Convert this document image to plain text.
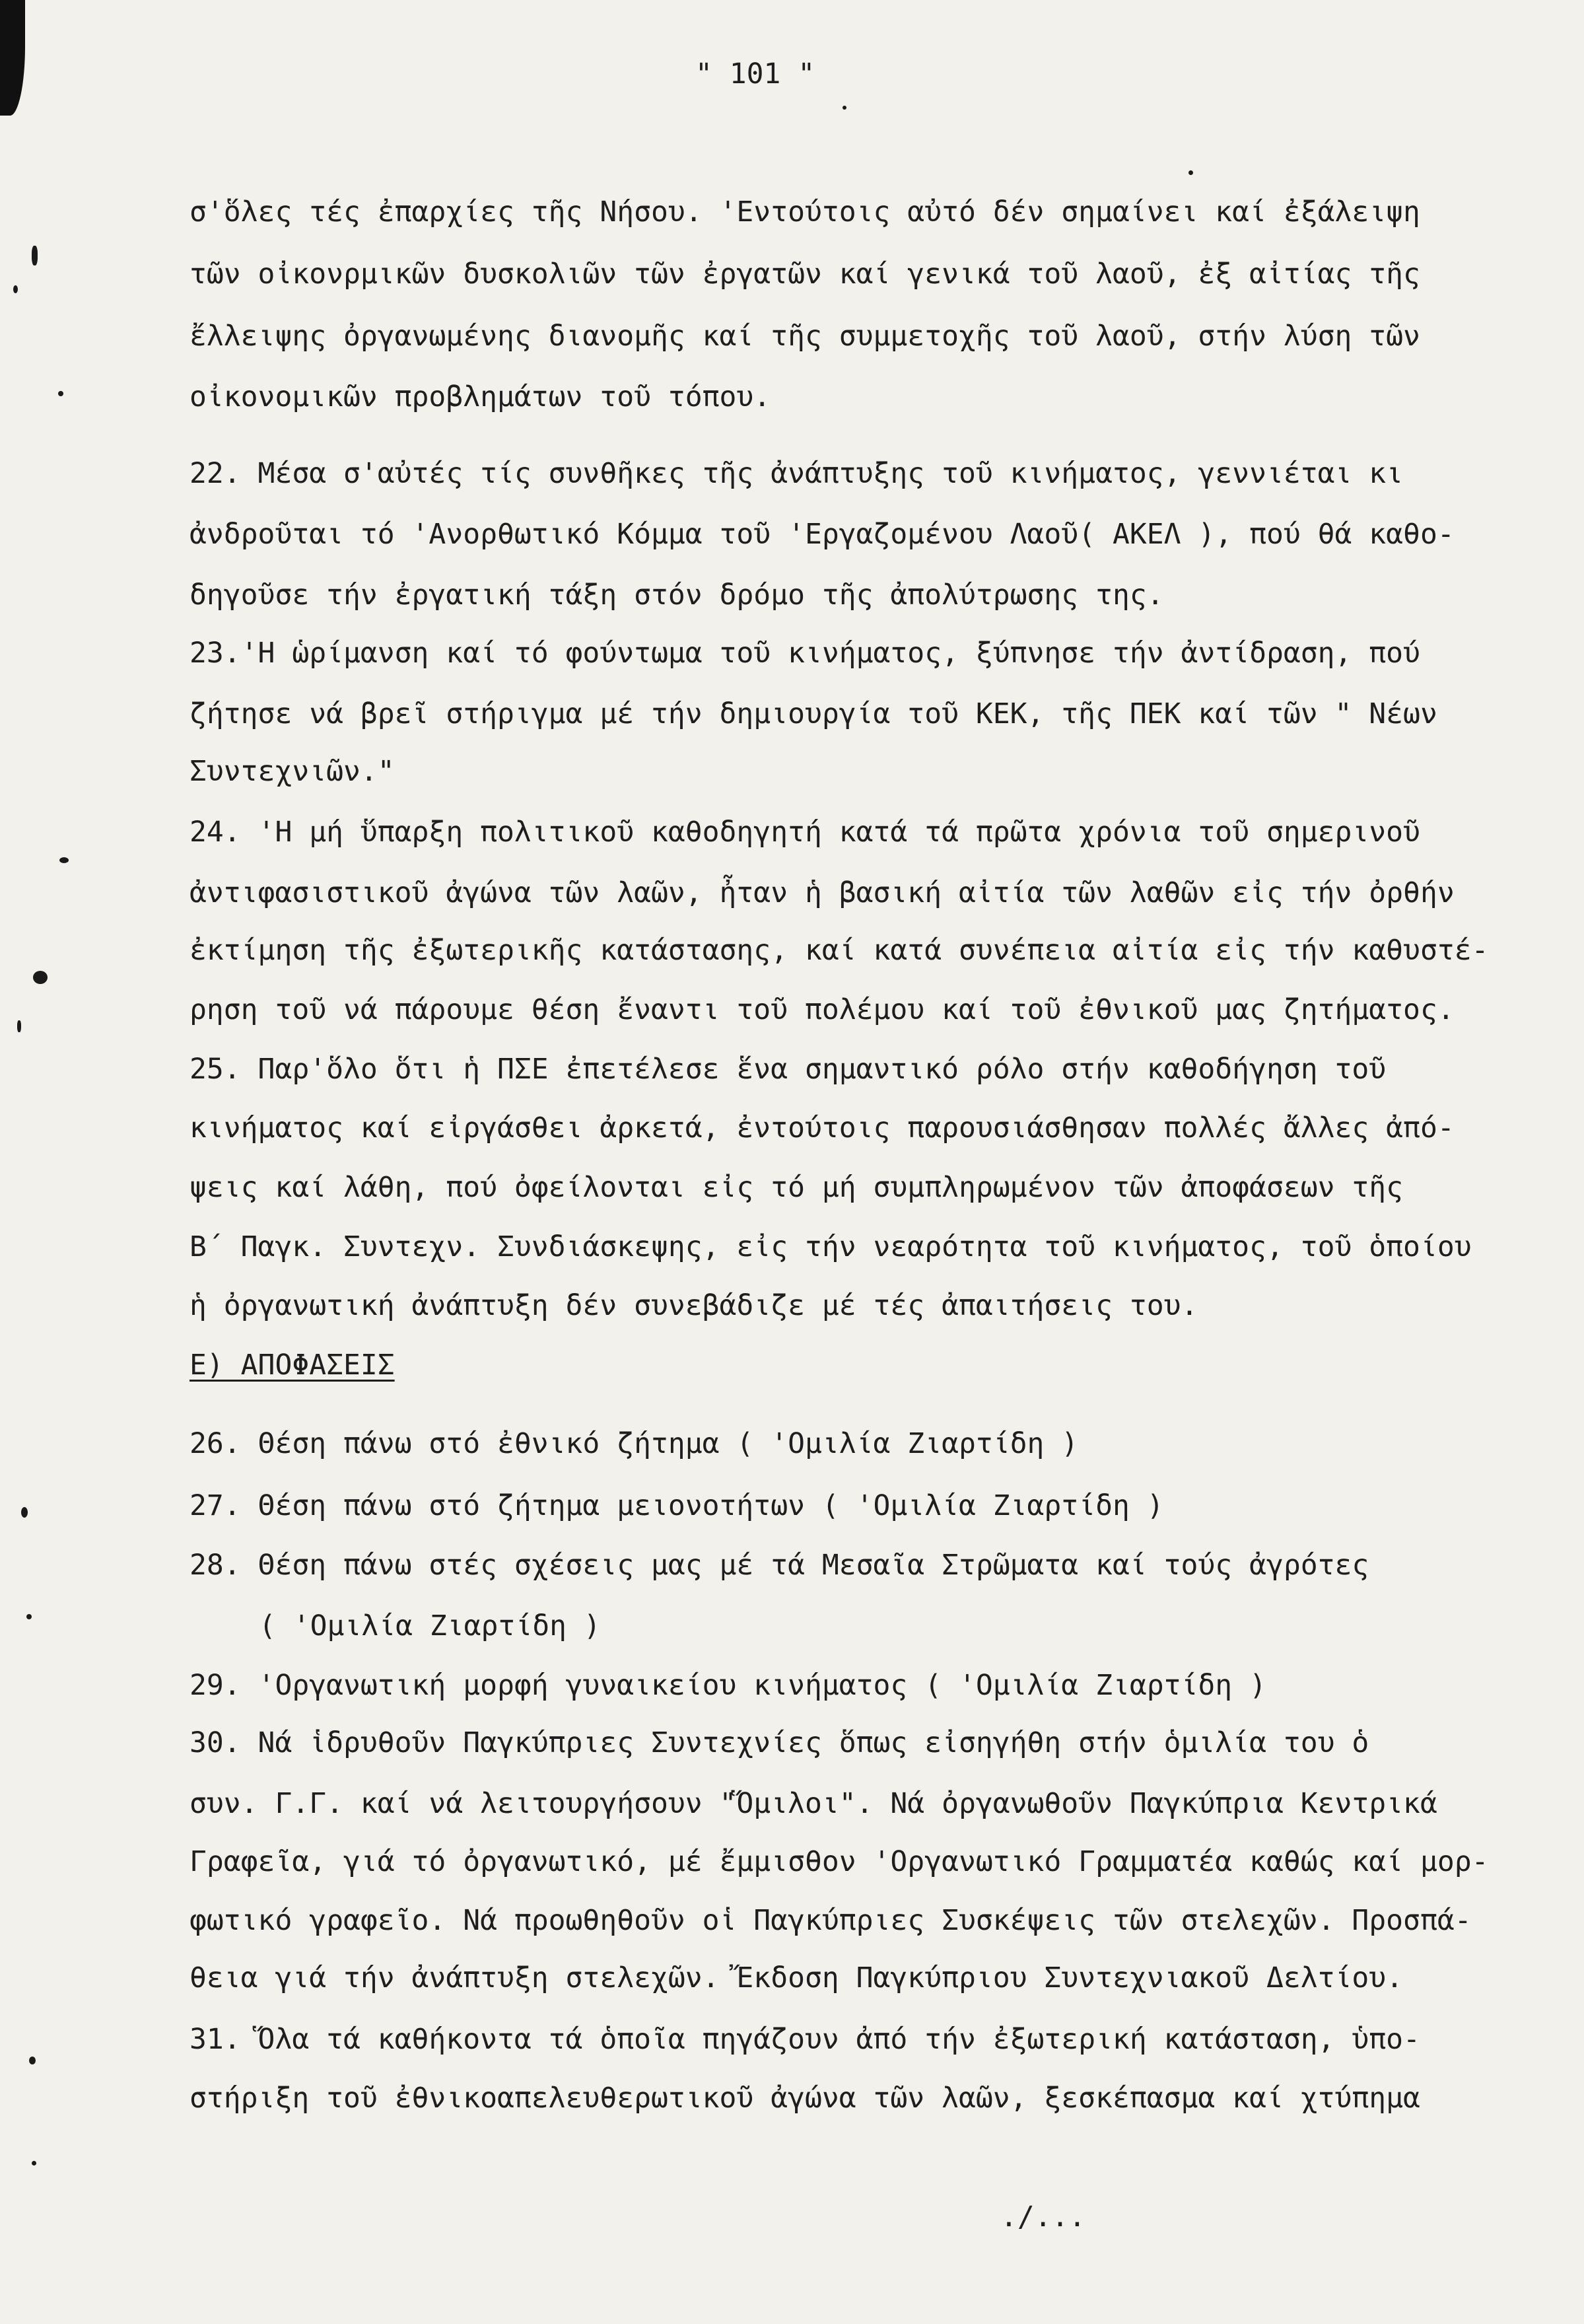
" 101 "
σ'ὅλες τές ἐπαρχίες τῆς Νήσου. 'Εντούτοις αὐτό δέν σημαίνει καί ἐξάλειψη
τῶν οἰκονρμικῶν δυσκολιῶν τῶν ἐργατῶν καί γενικά τοῦ λαοῦ, ἐξ αἰτίας τῆς
ἔλλειψης ὀργανωμένης διανομῆς καί τῆς συμμετοχῆς τοῦ λαοῦ, στήν λύση τῶν
οἰκονομικῶν προβλημάτων τοῦ τόπου.
22. Μέσα σ'αὐτές τίς συνθῆκες τῆς ἀνάπτυξης τοῦ κινήματος, γεννιέται κι
ἀνδροῦται τό 'Ανορθωτικό Κόμμα τοῦ 'Εργαζομένου Λαοῦ( ΑΚΕΛ ), πού θά καθο-
δηγοῦσε τήν ἐργατική τάξη στόν δρόμο τῆς ἀπολύτρωσης της.
23.'Η ὡρίμανση καί τό φούντωμα τοῦ κινήματος, ξύπνησε τήν ἀντίδραση, πού
ζήτησε νά βρεῖ στήριγμα μέ τήν δημιουργία τοῦ ΚΕΚ, τῆς ΠΕΚ καί τῶν " Νέων
Συντεχνιῶν."
24. 'Η μή ὕπαρξη πολιτικοῦ καθοδηγητή κατά τά πρῶτα χρόνια τοῦ σημερινοῦ
ἀντιφασιστικοῦ ἀγώνα τῶν λαῶν, ἦταν ἡ βασική αἰτία τῶν λαθῶν εἰς τήν ὀρθήν
ἐκτίμηση τῆς ἐξωτερικῆς κατάστασης, καί κατά συνέπεια αἰτία εἰς τήν καθυστέ-
ρηση τοῦ νά πάρουμε θέση ἔναντι τοῦ πολέμου καί τοῦ ἐθνικοῦ μας ζητήματος.
25. Παρ'ὅλο ὅτι ἡ ΠΣΕ ἐπετέλεσε ἕνα σημαντικό ρόλο στήν καθοδήγηση τοῦ
κινήματος καί εἰργάσθει ἀρκετά, ἐντούτοις παρουσιάσθησαν πολλές ἄλλες ἀπό-
ψεις καί λάθη, πού ὀφείλονται εἰς τό μή συμπληρωμένον τῶν ἀποφάσεων τῆς
Β΄ Παγκ. Συντεχν. Συνδιάσκεψης, εἰς τήν νεαρότητα τοῦ κινήματος, τοῦ ὁποίου
ἡ ὀργανωτική ἀνάπτυξη δέν συνεβάδιζε μέ τές ἀπαιτήσεις του.
Ε) ΑΠΟΦΑΣΕΙΣ
26. Θέση πάνω στό ἐθνικό ζήτημα ( 'Ομιλία Ζιαρτίδη )
27. Θέση πάνω στό ζήτημα μειονοτήτων ( 'Ομιλία Ζιαρτίδη )
28. Θέση πάνω στές σχέσεις μας μέ τά Μεσαῖα Στρῶματα καί τούς ἀγρότες
( 'Ομιλία Ζιαρτίδη )
29. 'Οργανωτική μορφή γυναικείου κινήματος ( 'Ομιλία Ζιαρτίδη )
30. Νά ἱδρυθοῦν Παγκύπριες Συντεχνίες ὅπως εἰσηγήθη στήν ὁμιλία του ὁ
συν. Γ.Γ. καί νά λειτουργήσουν "Ὅμιλοι". Νά ὀργανωθοῦν Παγκύπρια Κεντρικά
Γραφεῖα, γιά τό ὀργανωτικό, μέ ἔμμισθον 'Οργανωτικό Γραμματέα καθώς καί μορ-
φωτικό γραφεῖο. Νά προωθηθοῦν οἱ Παγκύπριες Συσκέψεις τῶν στελεχῶν. Προσπά-
θεια γιά τήν ἀνάπτυξη στελεχῶν. Ἔκδοση Παγκύπριου Συντεχνιακοῦ Δελτίου.
31. Ὅλα τά καθήκοντα τά ὁποῖα πηγάζουν ἀπό τήν ἐξωτερική κατάσταση, ὑπο-
στήριξη τοῦ ἐθνικοαπελευθερωτικοῦ ἀγώνα τῶν λαῶν, ξεσκέπασμα καί χτύπημα
./...
